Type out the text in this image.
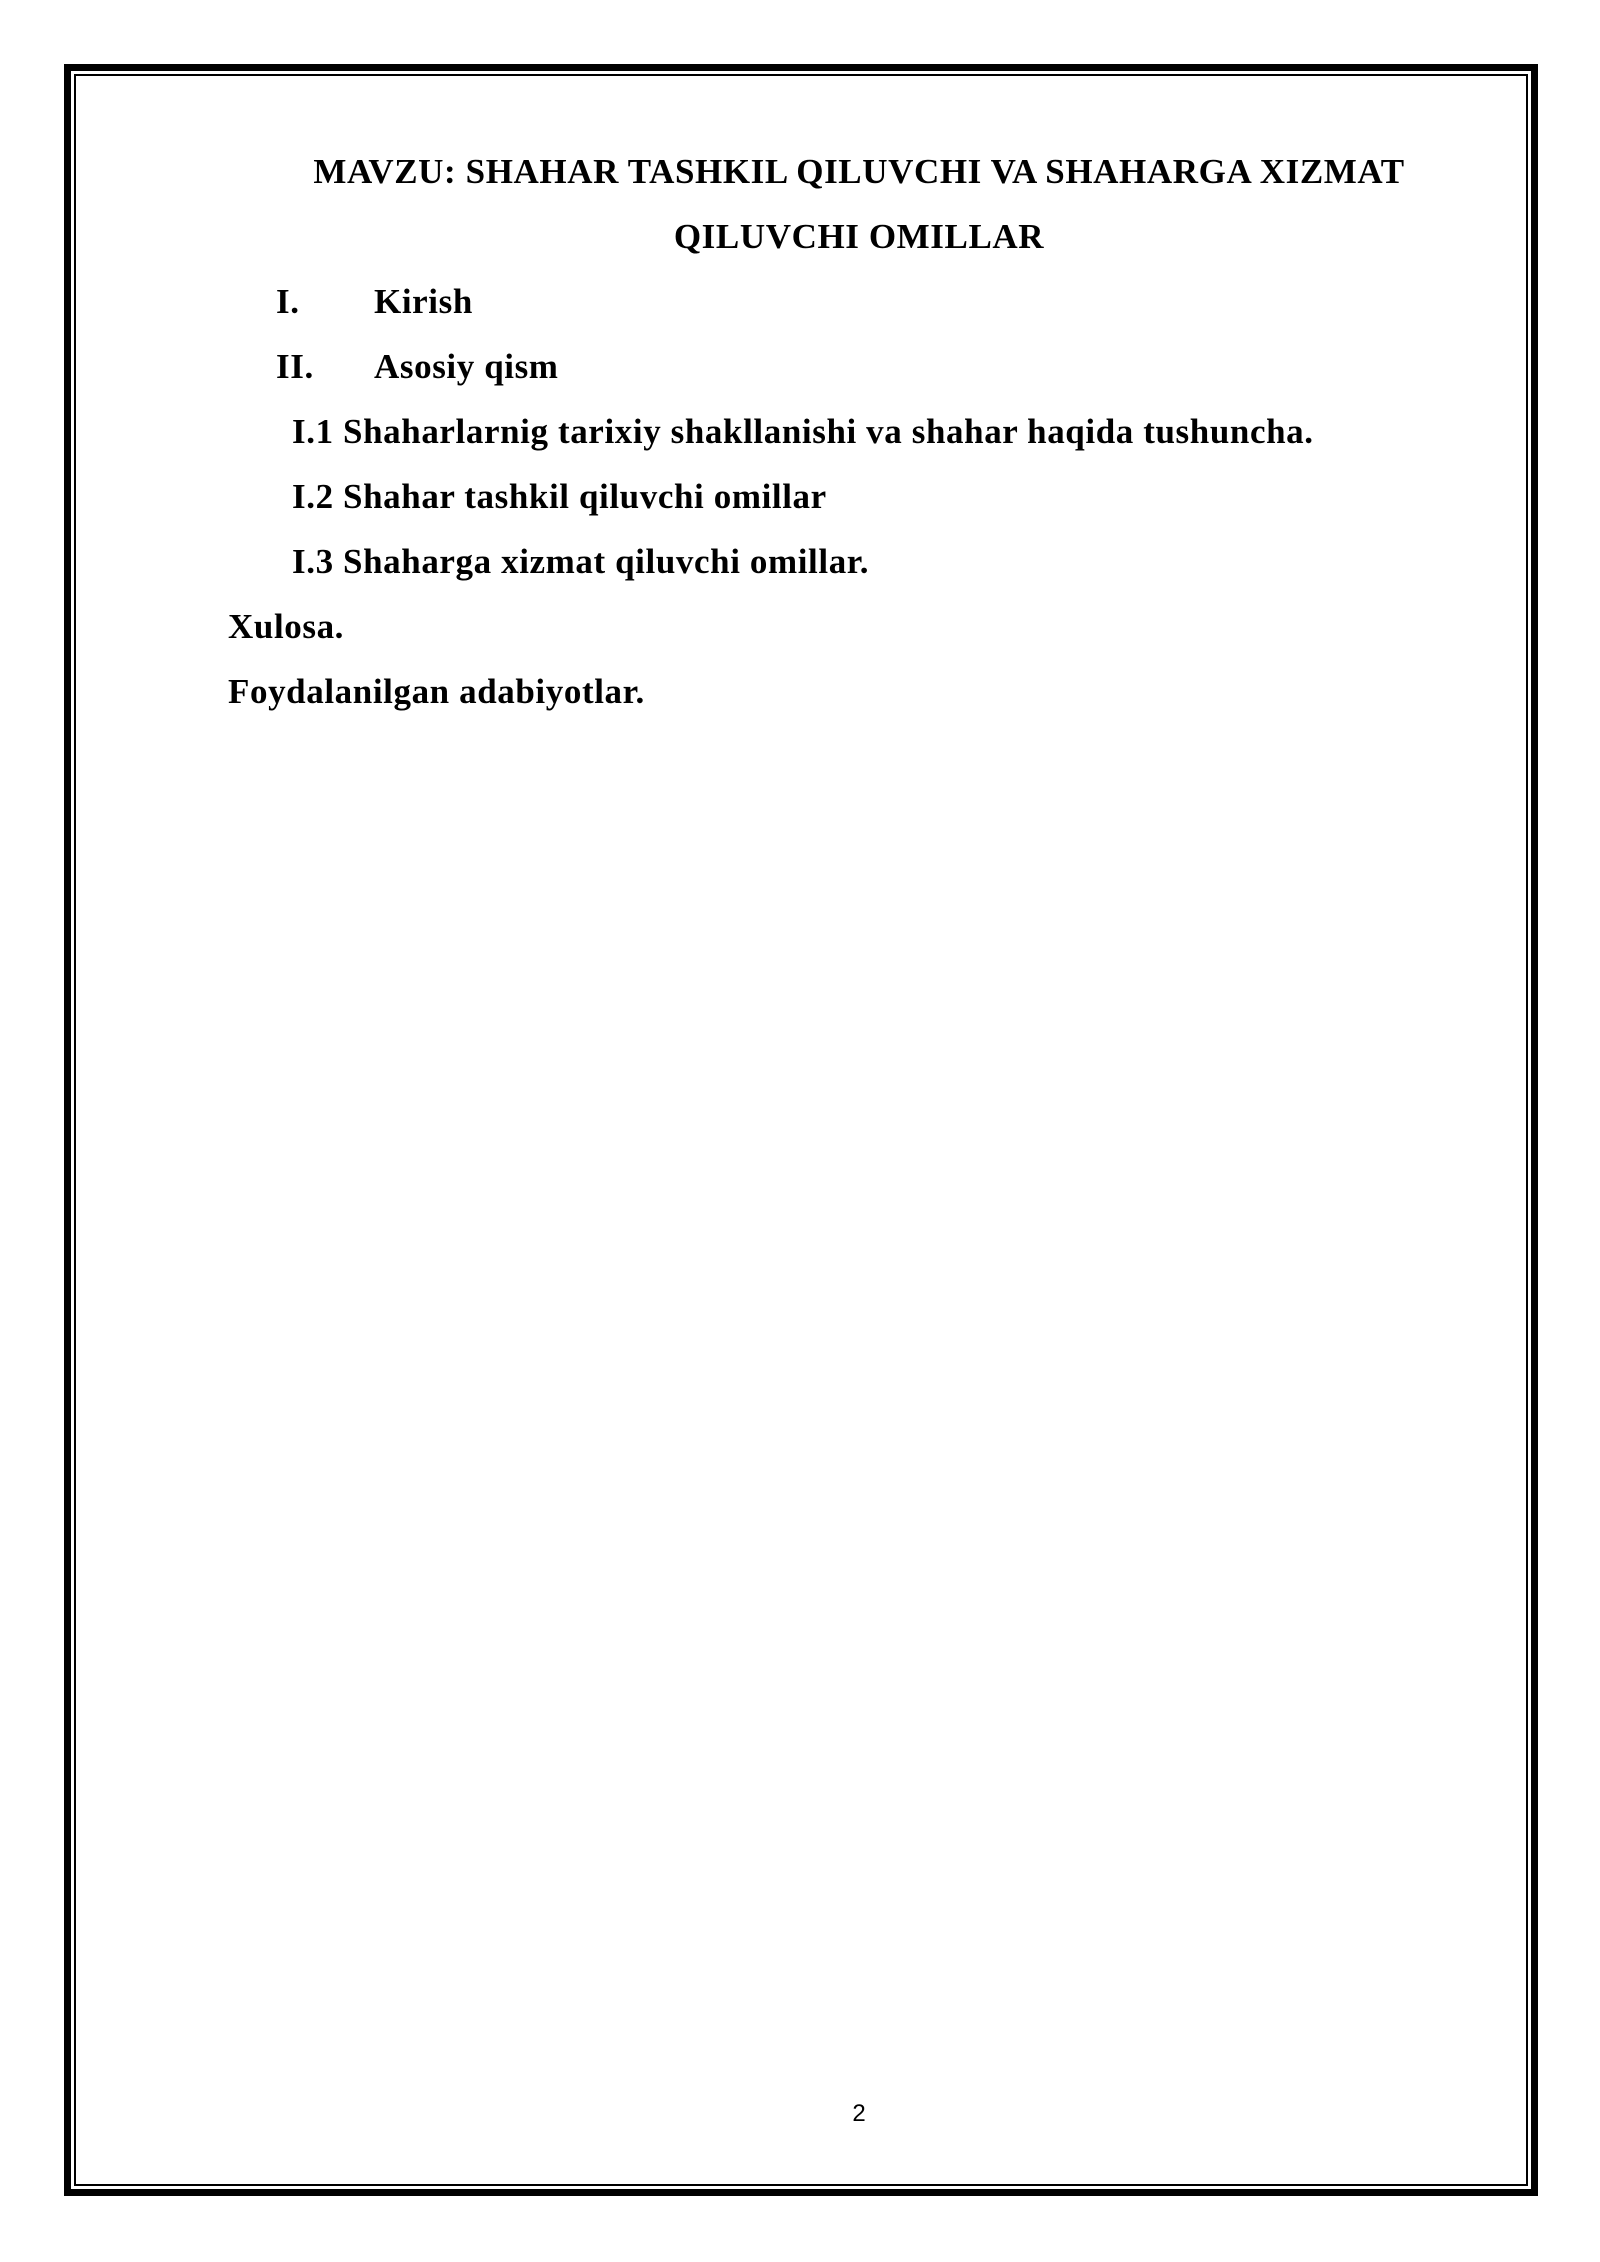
MAVZU: SHAHAR TASHKIL QILUVCHI VA SHAHARGA XIZMAT
QILUVCHI OMILLAR
I. Kirish
II. Asosiy qism
I.1 Shaharlarnig tarixiy shakllanishi va shahar haqida tushuncha.
I.2 Shahar tashkil qiluvchi omillar
I.3 Shaharga xizmat qiluvchi omillar.
Xulosa.
Foydalanilgan adabiyotlar.
2
